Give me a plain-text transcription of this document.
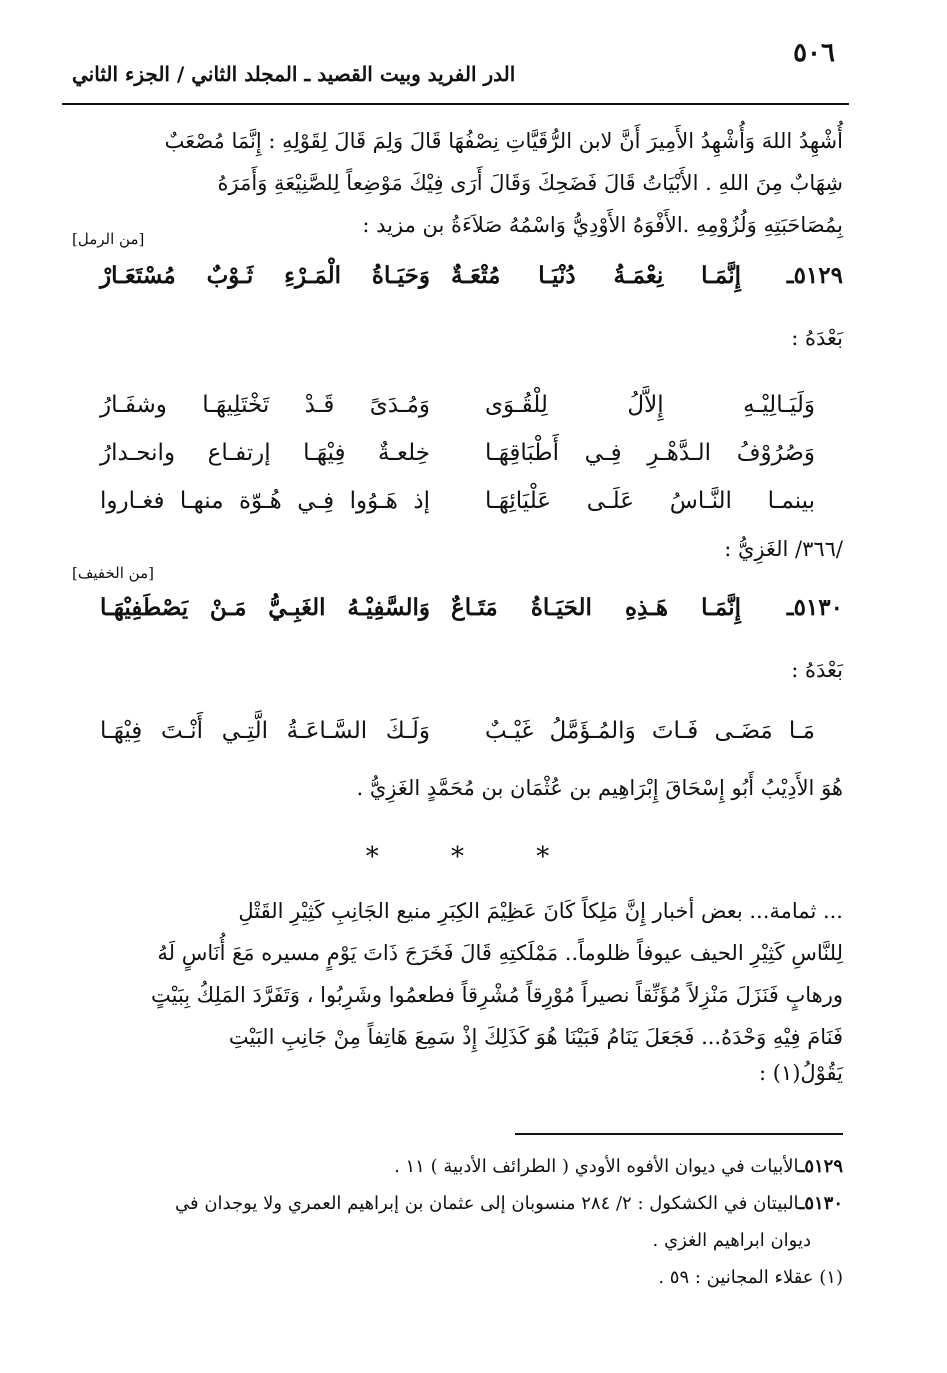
٥٠٦
الدر الفريد وبيت القصيد ـ المجلد الثاني / الجزء الثاني

أُشْهِدُ اللهَ وَأُشْهِدُ الأَمِيرَ أَنَّ لابن الرُّقَيَّاتِ نِصْفُهَا قَالَ وَلِمَ قَالَ لِقَوْلِهِ : إِنَّمَا مُصْعَبٌ

شِهَابٌ مِنَ اللهِ . الأَبْيَاتُ قَالَ فَضَحِكَ وَقَالَ أَرَى فِيْكَ مَوْضِعاً لِلصَّنِيْعَةِ وَأَمَرَهُ

بِمُصَاحَبَتِهِ وَلُزُوْمِهِ .الأَفْوَهُ الأَوْدِيُّ وَاسْمُهُ صَلاَءَةُ بن مزيد :

[من الرمل]
٥١٢٩ـ
إِنَّمَـا نِعْمَـةُ دُنْيَـا مُتْعَـةٌ
وَحَيَـاةُ الْمَـرْءِ ثَـوْبٌ مُسْتَعَـارْ
بَعْدَهُ :
وَلَيَـالِيْـهِ إِلاَّلُ لِلْقُـوَى
وَمُـدَىً قَـدْ تَخْتَلِيهَـا وشفَـارُ
وَصُرُوْفُ الـدَّهْـرِ فِـي أَطْبَاقِهَـا
خِلعـةٌ فِيْهَـا إرتفـاع وانحـدارُ
بينمـا النَّـاسُ عَلَـى عَلْيَائِهَـا
إذ هَـوُوا فِـي هُـوّة منهـا فغـاروا
/٣٦٦/ الغَزِيُّ :
[من الخفيف]
٥١٣٠ـ
إِنَّمَـا هَـذِهِ الحَيَـاةُ مَتَـاعٌ
وَالسَّفِيْـهُ الغَبِـيُّ مَـنْ يَصْطَفِيْهَـا
بَعْدَهُ :
مَـا مَضَـى فَـاتَ وَالمُـؤَمَّلُ غَيْـبٌ
وَلَـكَ السَّـاعَـةُ الَّتِـي أَنْـتَ فِيْهَـا
هُوَ الأَدِيْبُ أَبُو إِسْحَاقَ إِبْرَاهِيم بن عُثْمَان بن مُحَمَّدٍ الغَزِيُّ .
* * *

... ثمامة... بعض أخبار إِنَّ مَلِكاً كَانَ عَظِيْمَ الكِبَرِ منيع الجَانِبِ كَثِيْرِ القَتْلِ

لِلنَّاسِ كَثِيْرِ الحيف عيوفاً ظلوماً.. مَمْلَكتِهِ قَالَ فَخَرَجَ ذَاتَ يَوْمٍ مسيره مَعَ أُنَاسٍ لَهُ

ورهابٍ فَنَزَلَ مَنْزِلاً مُؤَنِّقاً نصيراً مُوْرِقاً مُشْرِقاً فطعمُوا وشَرِبُوا ، وَتَفَرَّدَ المَلِكُ بِبَيْتٍ

فَنَامَ فِيْهِ وَحْدَهُ... فَجَعَلَ يَنَامُ فَبَيْنَا هُوَ كَذَلِكَ إِذْ سَمِعَ هَاتِفاً مِنْ جَانِبِ البَيْتِ

يَقُوْلُ(١) :

٥١٢٩ـالأبيات في ديوان الأفوه الأودي ( الطرائف الأدبية ) ١١ .
٥١٣٠ـالبيتان في الكشكول : ٢/ ٢٨٤ منسوبان إلى عثمان بن إبراهيم العمري ولا يوجدان في
ديوان ابراهيم الغزي .
(١) عقلاء المجانين : ٥٩ .
